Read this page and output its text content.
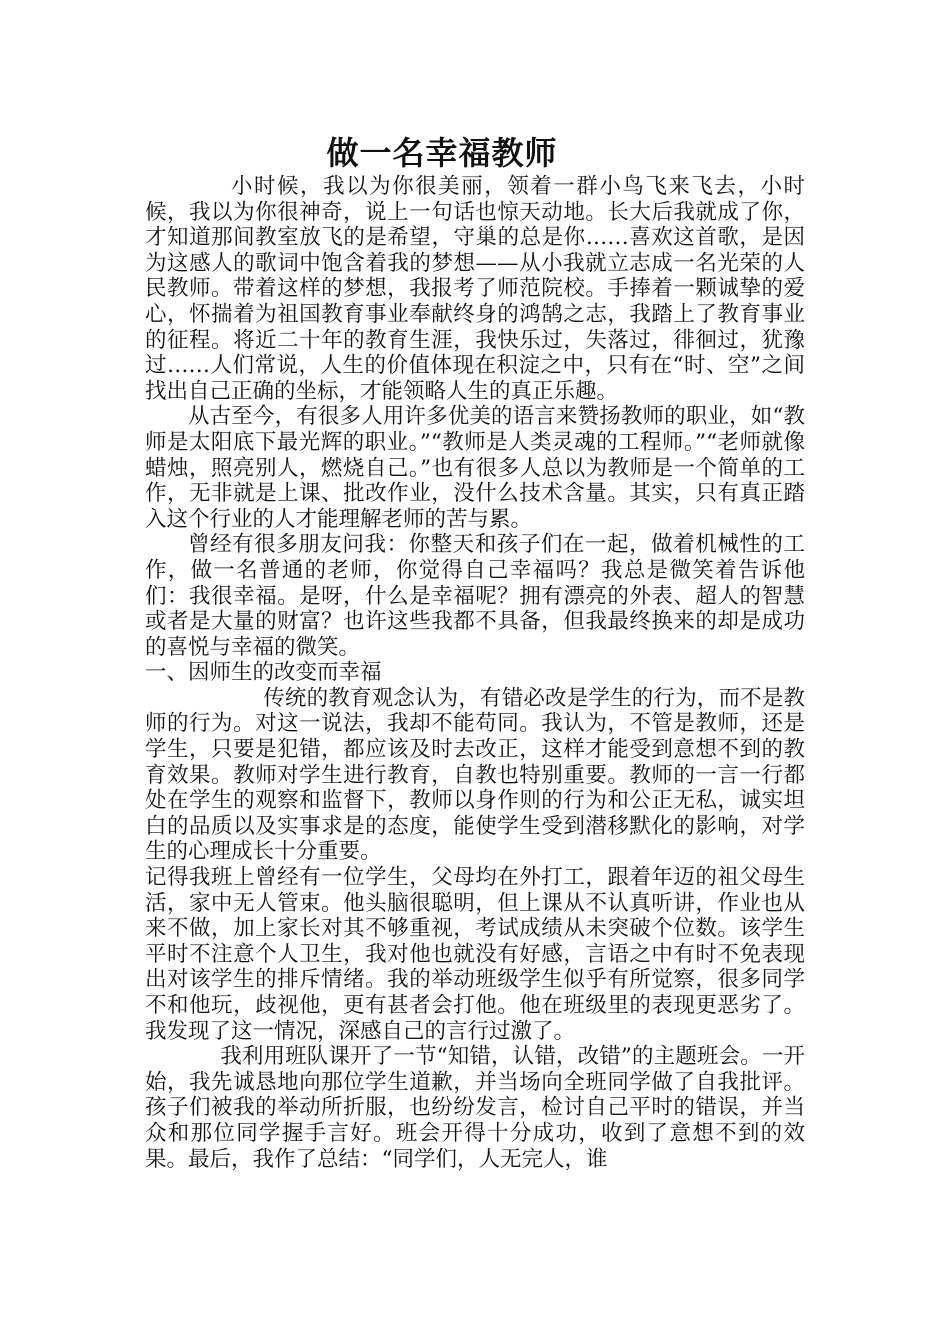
做一名幸福教师

小时候，我以为你很美丽，领着一群小鸟飞来飞去，小时候，我以为你很神奇，说上一句话也惊天动地。长大后我就成了你，才知道那间教室放飞的是希望，守巢的总是你……喜欢这首歌，是因为这感人的歌词中饱含着我的梦想——从小我就立志成一名光荣的人民教师。带着这样的梦想，我报考了师范院校。手捧着一颗诚挚的爱心，怀揣着为祖国教育事业奉献终身的鸿鹄之志，我踏上了教育事业的征程。将近二十年的教育生涯，我快乐过，失落过，徘徊过，犹豫过……人们常说，人生的价值体现在积淀之中，只有在“时、空”之间找出自己正确的坐标，才能领略人生的真正乐趣。

从古至今，有很多人用许多优美的语言来赞扬教师的职业，如“教师是太阳底下最光辉的职业。”“教师是人类灵魂的工程师。”“老师就像蜡烛，照亮别人，燃烧自己。”也有很多人总以为教师是一个简单的工作，无非就是上课、批改作业，没什么技术含量。其实，只有真正踏入这个行业的人才能理解老师的苦与累。

曾经有很多朋友问我：你整天和孩子们在一起，做着机械性的工作，做一名普通的老师，你觉得自己幸福吗？我总是微笑着告诉他们：我很幸福。是呀，什么是幸福呢？拥有漂亮的外表、超人的智慧或者是大量的财富？也许这些我都不具备，但我最终换来的却是成功的喜悦与幸福的微笑。

一、因师生的改变而幸福

传统的教育观念认为，有错必改是学生的行为，而不是教师的行为。对这一说法，我却不能苟同。我认为，不管是教师，还是学生，只要是犯错，都应该及时去改正，这样才能受到意想不到的教育效果。教师对学生进行教育，自教也特别重要。教师的一言一行都处在学生的观察和监督下，教师以身作则的行为和公正无私，诚实坦白的品质以及实事求是的态度，能使学生受到潜移默化的影响，对学生的心理成长十分重要。

记得我班上曾经有一位学生，父母均在外打工，跟着年迈的祖父母生活，家中无人管束。他头脑很聪明，但上课从不认真听讲，作业也从来不做，加上家长对其不够重视，考试成绩从未突破个位数。该学生平时不注意个人卫生，我对他也就没有好感，言语之中有时不免表现出对该学生的排斥情绪。我的举动班级学生似乎有所觉察，很多同学不和他玩，歧视他，更有甚者会打他。他在班级里的表现更恶劣了。我发现了这一情况，深感自己的言行过激了。

我利用班队课开了一节“知错，认错，改错”的主题班会。一开始，我先诚恳地向那位学生道歉，并当场向全班同学做了自我批评。孩子们被我的举动所折服，也纷纷发言，检讨自己平时的错误，并当众和那位同学握手言好。班会开得十分成功，收到了意想不到的效果。最后，我作了总结：“同学们，人无完人，谁
